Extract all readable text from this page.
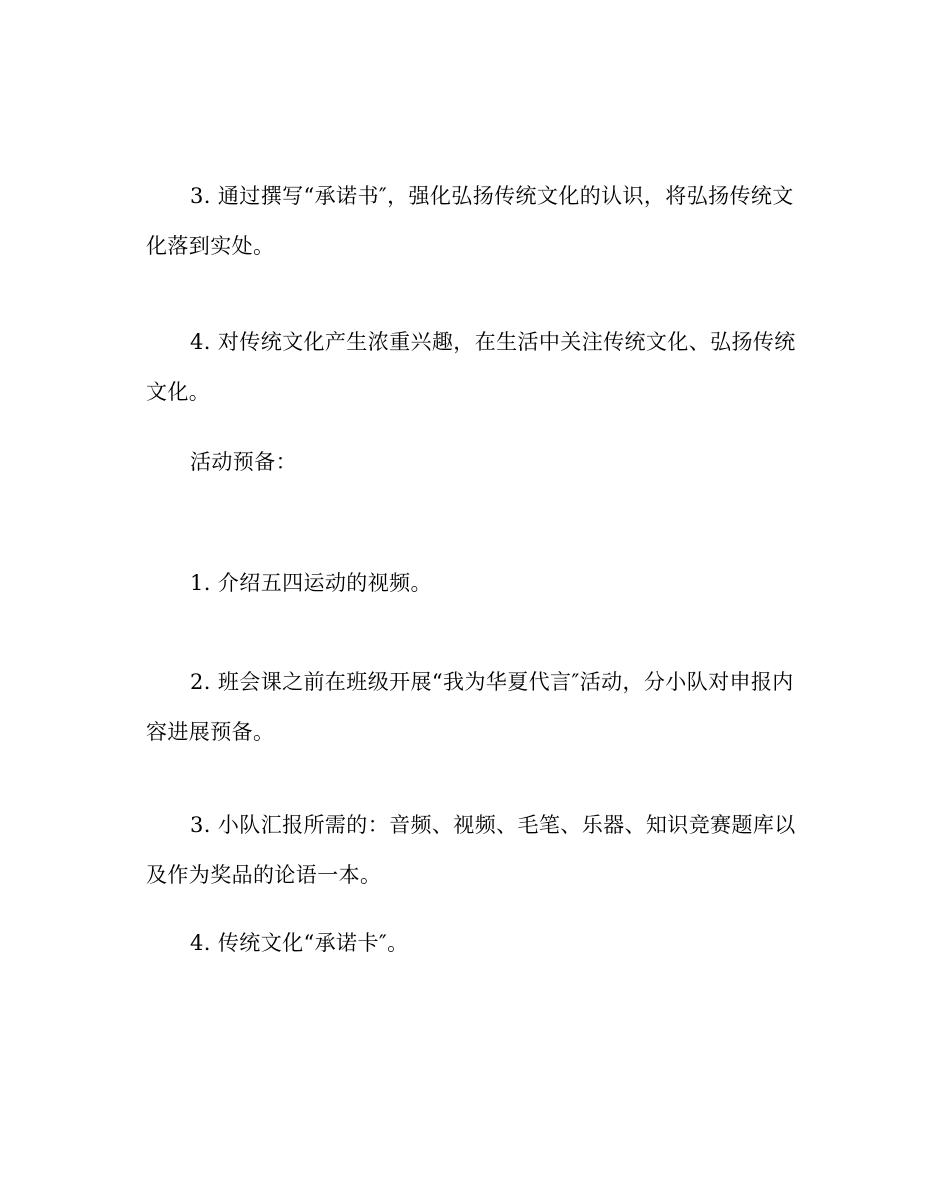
3. 通过撰写“承诺书″，强化弘扬传统文化的认识，将弘扬传统文化落到实处。

4. 对传统文化产生浓重兴趣，在生活中关注传统文化、弘扬传统文化。

活动预备：

1. 介绍五四运动的视频。

2. 班会课之前在班级开展“我为华夏代言″活动，分小队对申报内容进展预备。

3. 小队汇报所需的：音频、视频、毛笔、乐器、知识竞赛题库以及作为奖品的论语一本。

4. 传统文化“承诺卡″。
